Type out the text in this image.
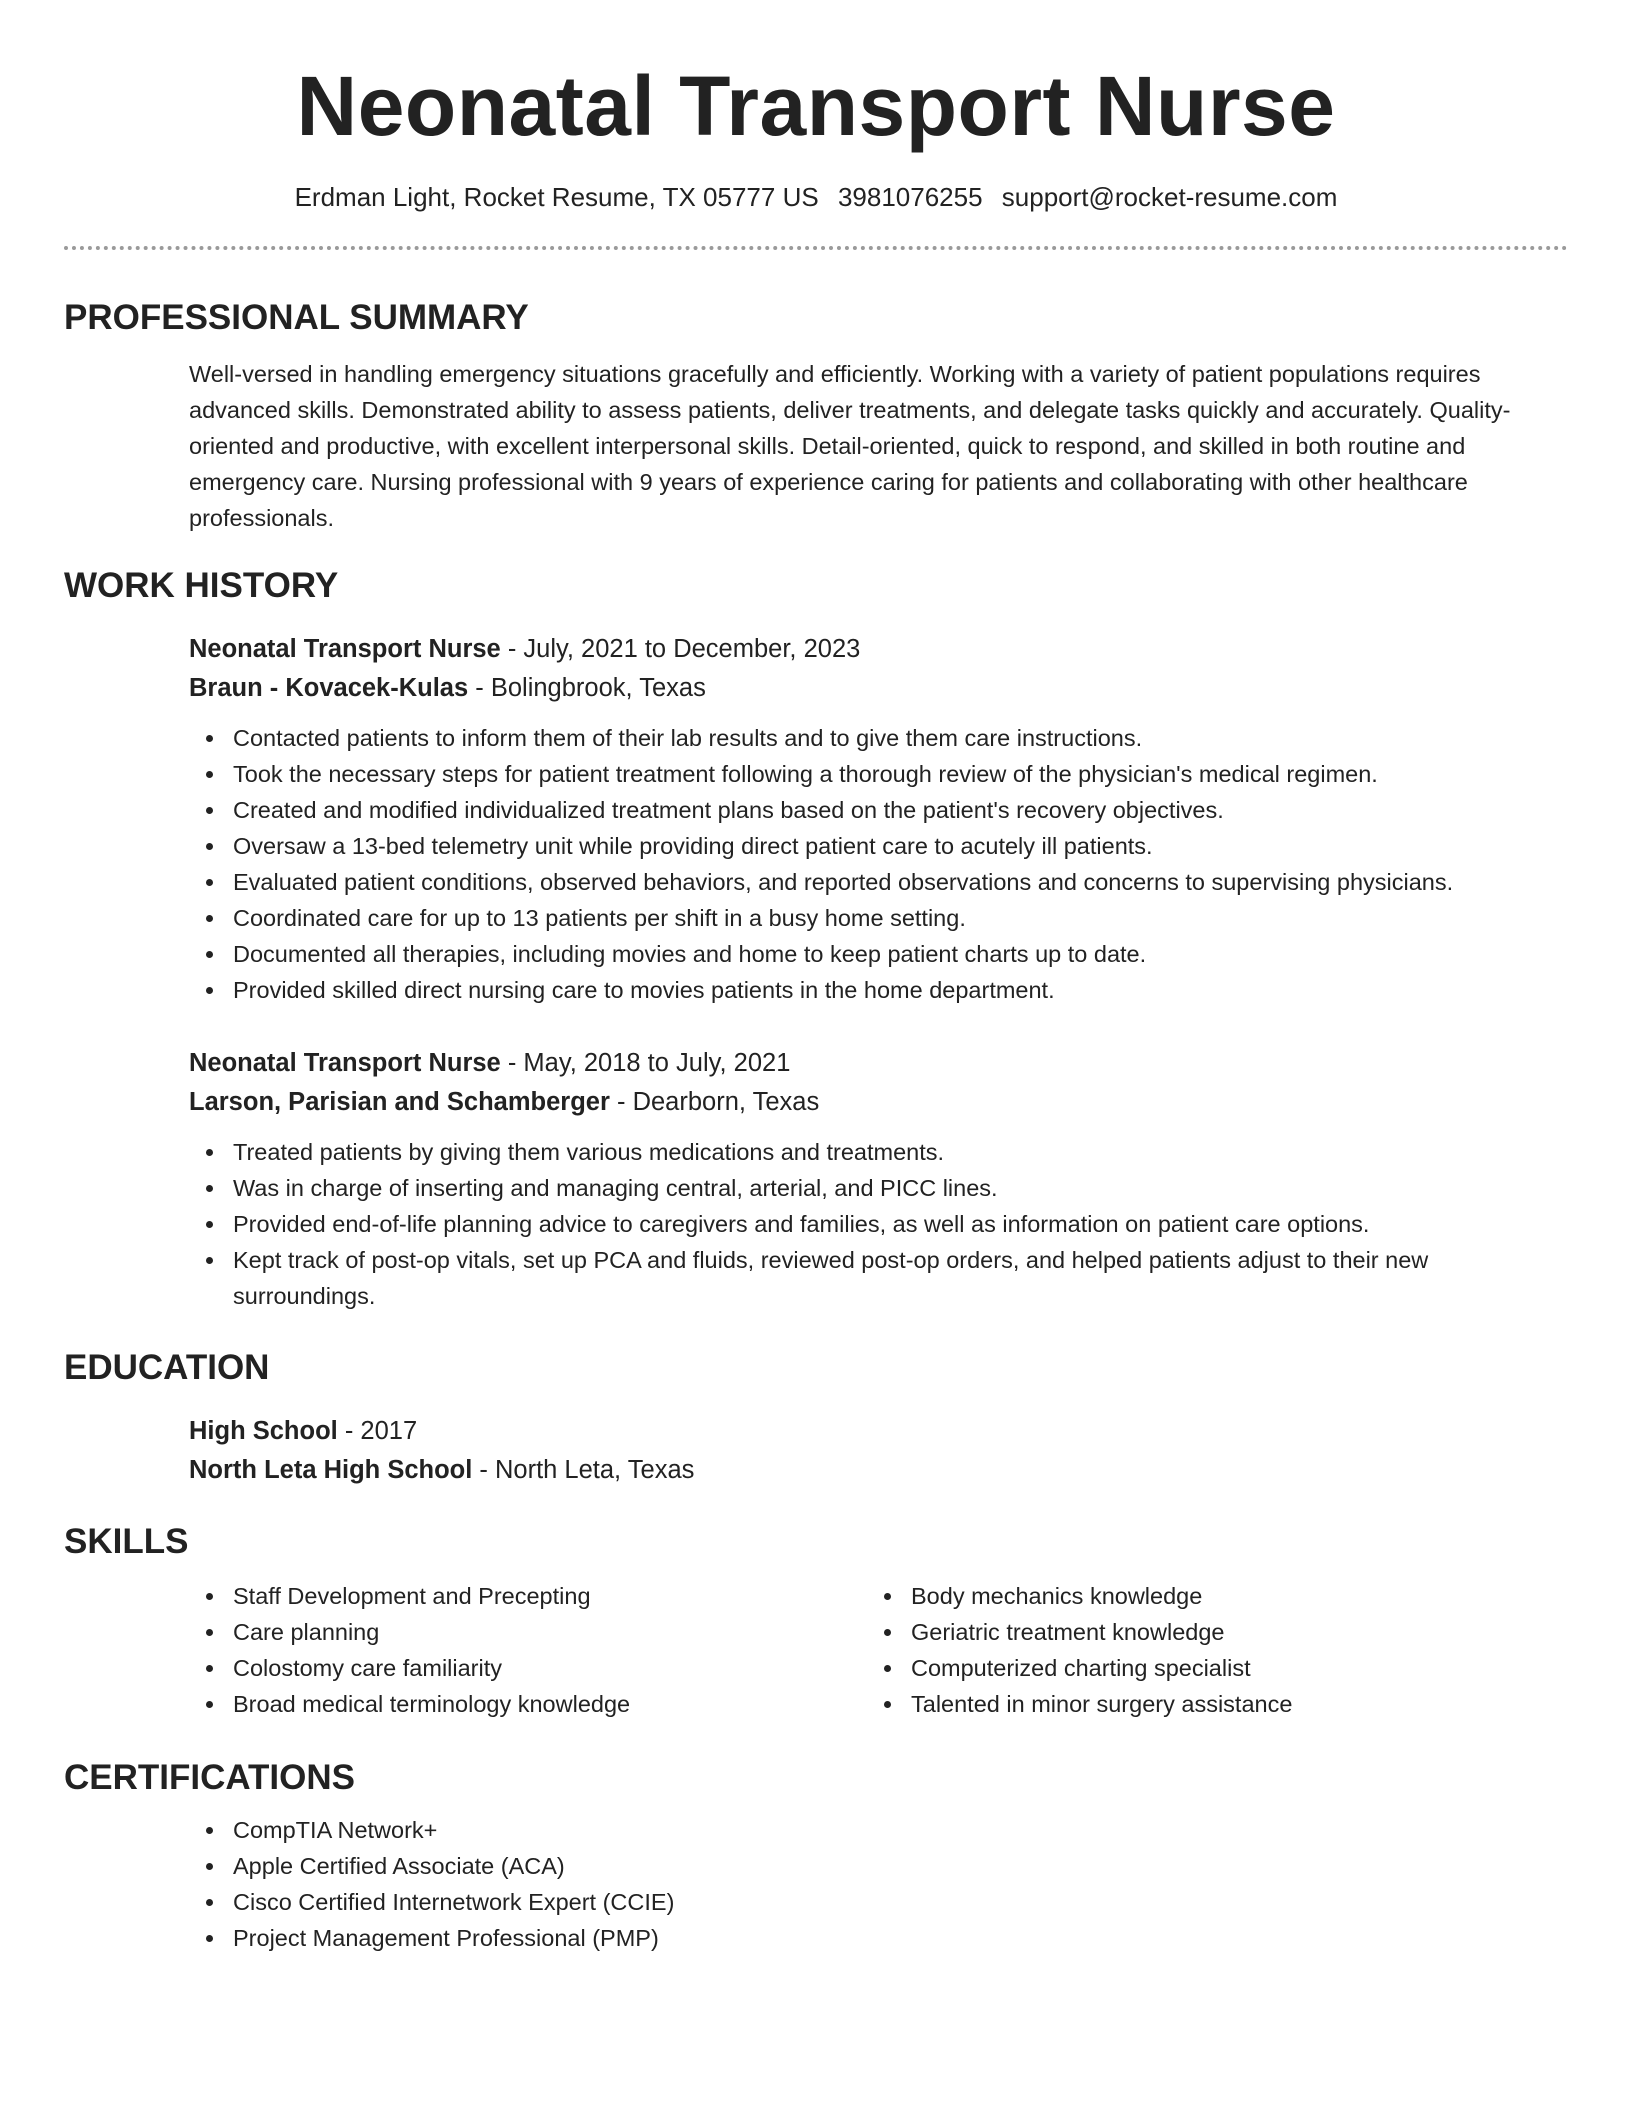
Neonatal Transport Nurse
Erdman Light, Rocket Resume, TX 05777 US 3981076255 support@rocket-resume.com
PROFESSIONAL SUMMARY

Well-versed in handling emergency situations gracefully and efficiently. Working with a variety of patient populations requires advanced skills. Demonstrated ability to assess patients, deliver treatments, and delegate tasks quickly and accurately. Quality-oriented and productive, with excellent interpersonal skills. Detail-oriented, quick to respond, and skilled in both routine and emergency care. Nursing professional with 9 years of experience caring for patients and collaborating with other healthcare professionals.

WORK HISTORY
Neonatal Transport Nurse - July, 2021 to December, 2023
Braun - Kovacek-Kulas - Bolingbrook, Texas
Contacted patients to inform them of their lab results and to give them care instructions.
Took the necessary steps for patient treatment following a thorough review of the physician's medical regimen.
Created and modified individualized treatment plans based on the patient's recovery objectives.
Oversaw a 13-bed telemetry unit while providing direct patient care to acutely ill patients.
Evaluated patient conditions, observed behaviors, and reported observations and concerns to supervising physicians.
Coordinated care for up to 13 patients per shift in a busy home setting.
Documented all therapies, including movies and home to keep patient charts up to date.
Provided skilled direct nursing care to movies patients in the home department.
Neonatal Transport Nurse - May, 2018 to July, 2021
Larson, Parisian and Schamberger - Dearborn, Texas
Treated patients by giving them various medications and treatments.
Was in charge of inserting and managing central, arterial, and PICC lines.
Provided end-of-life planning advice to caregivers and families, as well as information on patient care options.
Kept track of post-op vitals, set up PCA and fluids, reviewed post-op orders, and helped patients adjust to their new surroundings.
EDUCATION
High School - 2017
North Leta High School - North Leta, Texas
SKILLS
Staff Development and Precepting
Care planning
Colostomy care familiarity
Broad medical terminology knowledge
Body mechanics knowledge
Geriatric treatment knowledge
Computerized charting specialist
Talented in minor surgery assistance
CERTIFICATIONS
CompTIA Network+
Apple Certified Associate (ACA)
Cisco Certified Internetwork Expert (CCIE)
Project Management Professional (PMP)
